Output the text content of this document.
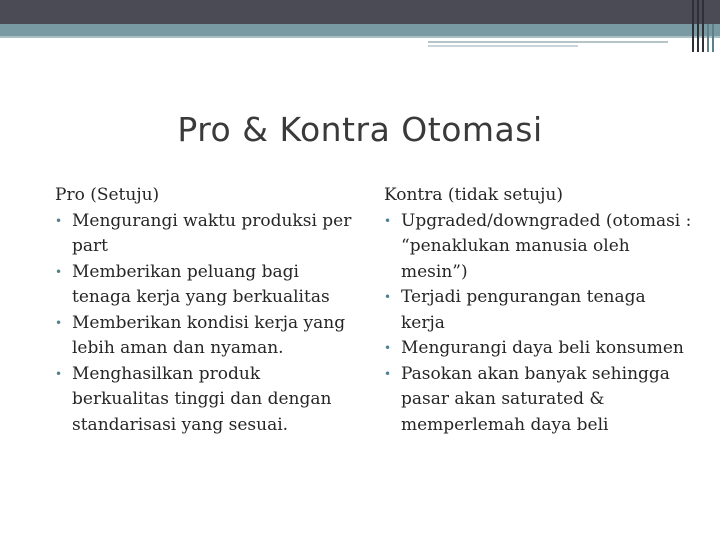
Pro & Kontra Otomasi
Pro (Setuju)
• Mengurangi waktu produksi per part
• Memberikan peluang bagi tenaga kerja yang berkualitas
• Memberikan kondisi kerja yang lebih aman dan nyaman.
• Menghasilkan produk berkualitas tinggi dan dengan standarisasi yang sesuai.
Kontra (tidak setuju)
• Upgraded/downgraded (otomasi : “penaklukan manusia oleh mesin”)
• Terjadi pengurangan tenaga kerja
• Mengurangi daya beli konsumen
• Pasokan akan banyak sehingga pasar akan saturated & memperlemah daya beli
